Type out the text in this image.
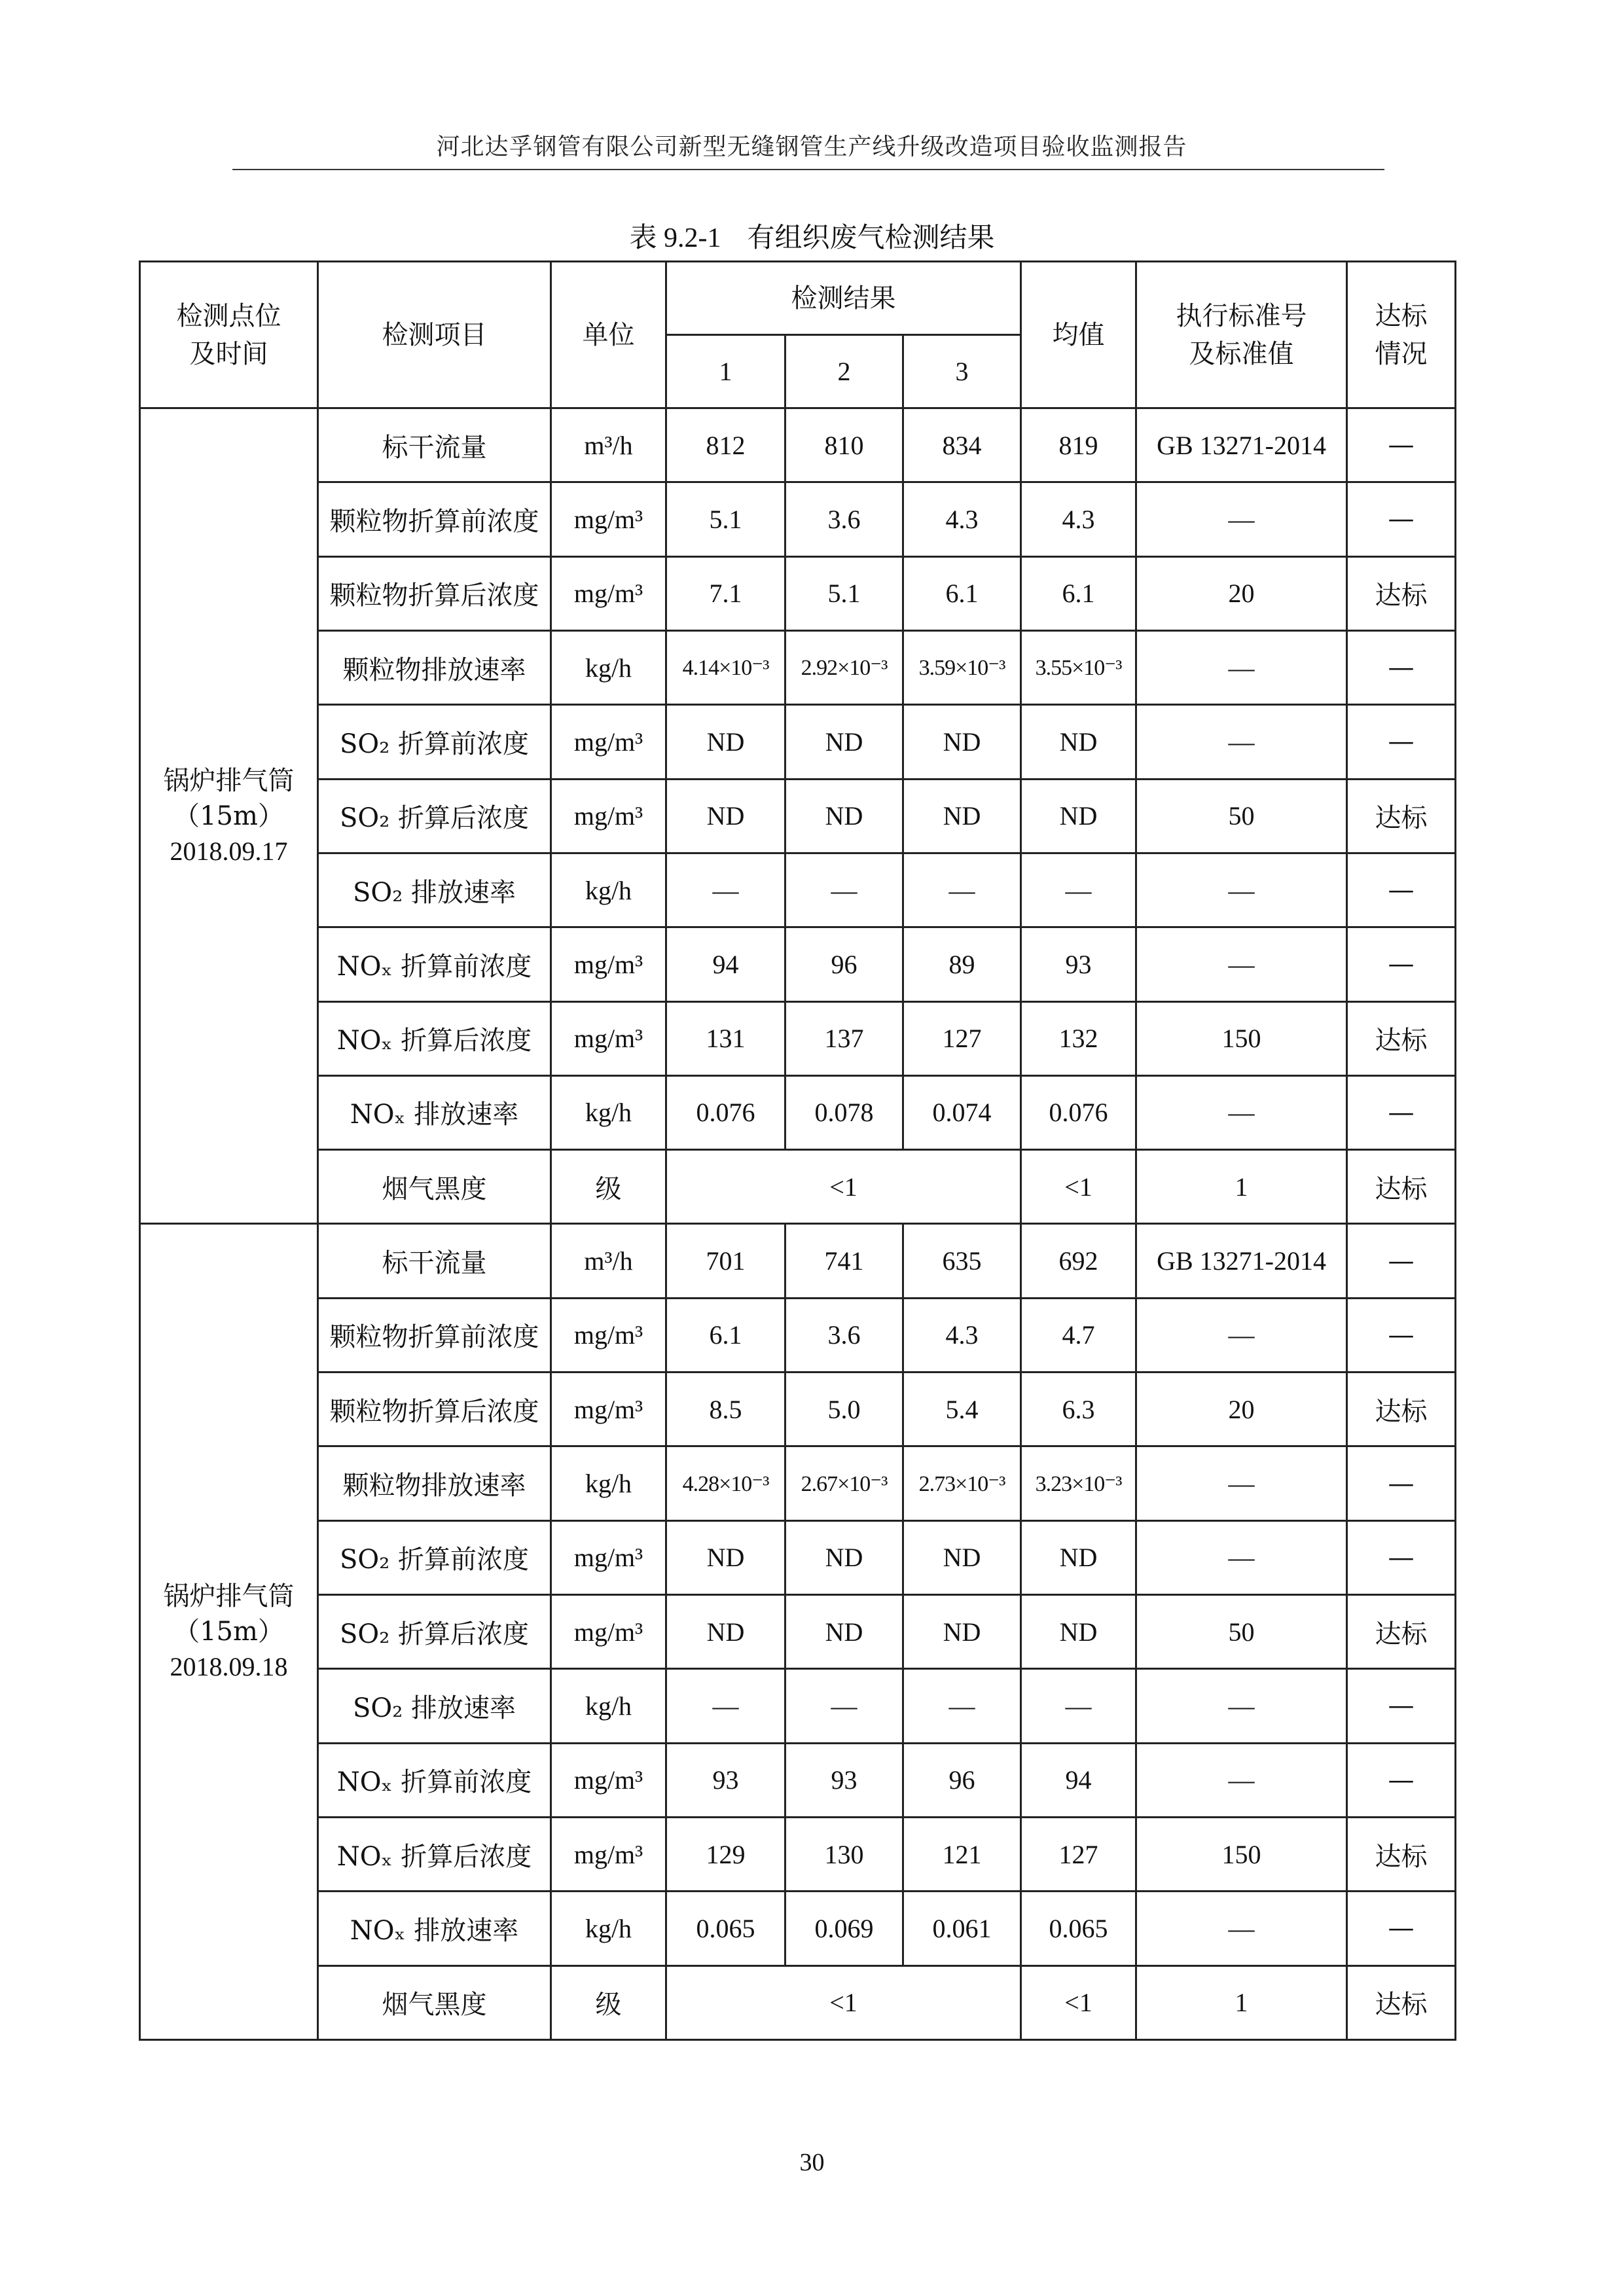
河北达孚钢管有限公司新型无缝钢管生产线升级改造项目验收监测报告
表 9.2-1 有组织废气检测结果
检测点位及时间	检测项目	单位	检测结果			均值	执行标准号及标准值	达标情况
			1	2	3			

锅炉排气筒
（15m）
2018.09.17	标干流量	m³/h	812	810	834	819	GB 13271-2014	—
	颗粒物折算前浓度	mg/m³	5.1	3.6	4.3	4.3	—	—
	颗粒物折算后浓度	mg/m³	7.1	5.1	6.1	6.1	20	达标
	颗粒物排放速率	kg/h	4.14×10⁻³	2.92×10⁻³	3.59×10⁻³	3.55×10⁻³	—	—
	SO₂ 折算前浓度	mg/m³	ND	ND	ND	ND	—	—
	SO₂ 折算后浓度	mg/m³	ND	ND	ND	ND	50	达标
	SO₂ 排放速率	kg/h	—	—	—	—	—	—
	NOₓ 折算前浓度	mg/m³	94	96	89	93	—	—
	NOₓ 折算后浓度	mg/m³	131	137	127	132	150	达标
	NOₓ 排放速率	kg/h	0.076	0.078	0.074	0.076	—	—
	烟气黑度	级	<1			<1	1	达标

锅炉排气筒
（15m）
2018.09.18	标干流量	m³/h	701	741	635	692	GB 13271-2014	—
	颗粒物折算前浓度	mg/m³	6.1	3.6	4.3	4.7	—	—
	颗粒物折算后浓度	mg/m³	8.5	5.0	5.4	6.3	20	达标
	颗粒物排放速率	kg/h	4.28×10⁻³	2.67×10⁻³	2.73×10⁻³	3.23×10⁻³	—	—
	SO₂ 折算前浓度	mg/m³	ND	ND	ND	ND	—	—
	SO₂ 折算后浓度	mg/m³	ND	ND	ND	ND	50	达标
	SO₂ 排放速率	kg/h	—	—	—	—	—	—
	NOₓ 折算前浓度	mg/m³	93	93	96	94	—	—
	NOₓ 折算后浓度	mg/m³	129	130	121	127	150	达标
	NOₓ 排放速率	kg/h	0.065	0.069	0.061	0.065	—	—
	烟气黑度	级	<1			<1	1	达标
30
